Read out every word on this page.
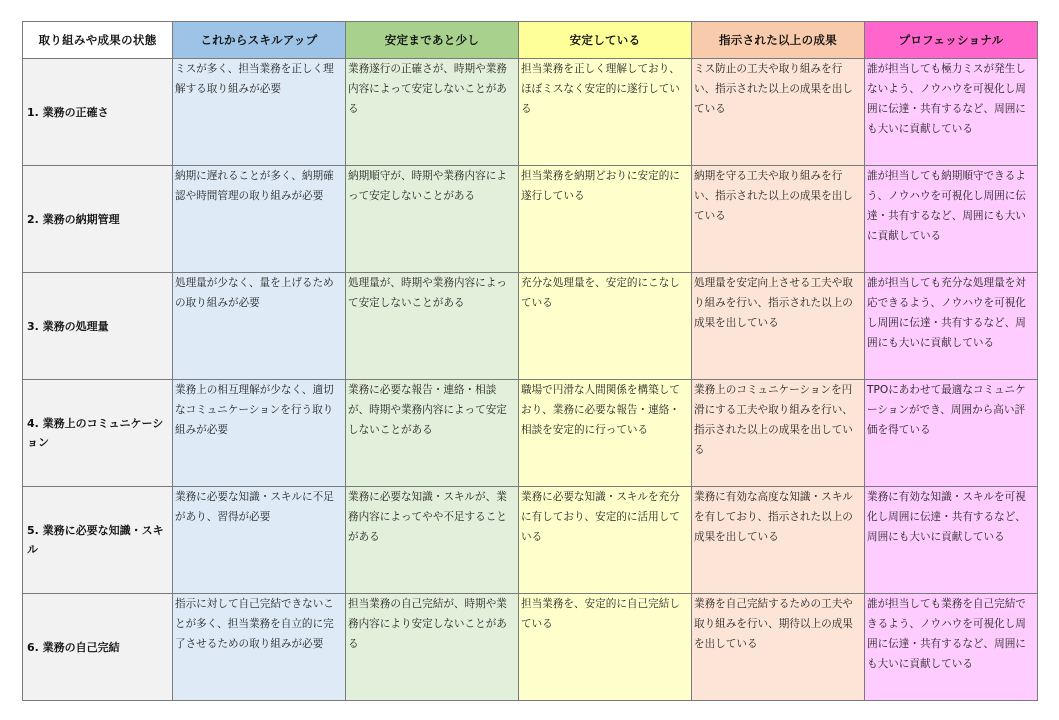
取り組みや成果の状態	これからスキルアップ	安定まであと少し	安定している	指示された以上の成果	プロフェッショナル
1. 業務の正確さ	ミスが多く、担当業務を正しく理解する取り組みが必要	業務遂行の正確さが、時期や業務内容によって安定しないことがある	担当業務を正しく理解しており、ほぼミスなく安定的に遂行している	ミス防止の工夫や取り組みを行い、指示された以上の成果を出している	誰が担当しても極力ミスが発生しないよう、ノウハウを可視化し周囲に伝達・共有するなど、周囲にも大いに貢献している
2. 業務の納期管理	納期に遅れることが多く、納期確認や時間管理の取り組みが必要	納期順守が、時期や業務内容によって安定しないことがある	担当業務を納期どおりに安定的に遂行している	納期を守る工夫や取り組みを行い、指示された以上の成果を出している	誰が担当しても納期順守できるよう、ノウハウを可視化し周囲に伝達・共有するなど、周囲にも大いに貢献している
3. 業務の処理量	処理量が少なく、量を上げるための取り組みが必要	処理量が、時期や業務内容によって安定しないことがある	充分な処理量を、安定的にこなしている	処理量を安定向上させる工夫や取り組みを行い、指示された以上の成果を出している	誰が担当しても充分な処理量を対応できるよう、ノウハウを可視化し周囲に伝達・共有するなど、周囲にも大いに貢献している
4. 業務上のコミュニケーション	業務上の相互理解が少なく、適切なコミュニケーションを行う取り組みが必要	業務に必要な報告・連絡・相談が、時期や業務内容によって安定しないことがある	職場で円滑な人間関係を構築しており、業務に必要な報告・連絡・相談を安定的に行っている	業務上のコミュニケーションを円滑にする工夫や取り組みを行い、指示された以上の成果を出している	TPOにあわせて最適なコミュニケーションができ、周囲から高い評価を得ている
5. 業務に必要な知識・スキル	業務に必要な知識・スキルに不足があり、習得が必要	業務に必要な知識・スキルが、業務内容によってやや不足することがある	業務に必要な知識・スキルを充分に有しており、安定的に活用している	業務に有効な高度な知識・スキルを有しており、指示された以上の成果を出している	業務に有効な知識・スキルを可視化し周囲に伝達・共有するなど、周囲にも大いに貢献している
6. 業務の自己完結	指示に対して自己完結できないことが多く、担当業務を自立的に完了させるための取り組みが必要	担当業務の自己完結が、時期や業務内容により安定しないことがある	担当業務を、安定的に自己完結している	業務を自己完結するための工夫や取り組みを行い、期待以上の成果を出している	誰が担当しても業務を自己完結できるよう、ノウハウを可視化し周囲に伝達・共有するなど、周囲にも大いに貢献している
